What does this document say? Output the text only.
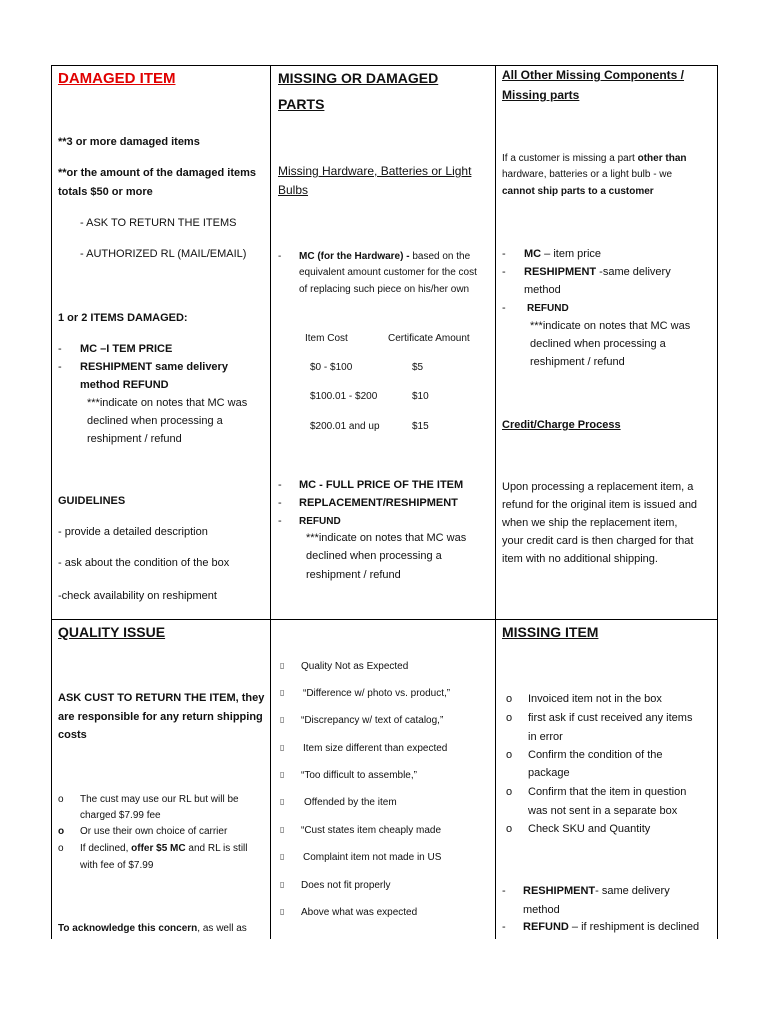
DAMAGED ITEM
**3 or more damaged items
**or the amount of the damaged items
totals $50 or more
- ASK TO RETURN THE ITEMS
- AUTHORIZED RL (MAIL/EMAIL)
1 or 2 ITEMS DAMAGED:
- MC –I TEM PRICE
- RESHIPMENT same delivery
method REFUND
***indicate on notes that MC was
declined when processing a
reshipment / refund
GUIDELINES
- provide a detailed description
- ask about the condition of the box
-check availability on reshipment
MISSING OR DAMAGED
PARTS
Missing Hardware, Batteries or Light
Bulbs
- MC (for the Hardware) - based on the
equivalent amount customer for the cost
of replacing such piece on his/her own
Item Cost	Certificate Amount
$0 - $100	$5
$100.01 - $200	$10
$200.01 and up	$15
- MC - FULL PRICE OF THE ITEM
- REPLACEMENT/RESHIPMENT
- REFUND
***indicate on notes that MC was
declined when processing a
reshipment / refund
All Other Missing Components /
Missing parts
If a customer is missing a part other than
hardware, batteries or a light bulb - we
cannot ship parts to a customer
- MC – item price
- RESHIPMENT -same delivery
method
- REFUND
***indicate on notes that MC was
declined when processing a
reshipment / refund
Credit/Charge Process
Upon processing a replacement item, a
refund for the original item is issued and
when we ship the replacement item,
your credit card is then charged for that
item with no additional shipping.
QUALITY ISSUE
ASK CUST TO RETURN THE ITEM, they
are responsible for any return shipping
costs
o The cust may use our RL but will be
charged $7.99 fee
o Or use their own choice of carrier
o If declined, offer $5 MC and RL is still
with fee of $7.99
To acknowledge this concern, as well as
▯ Quality Not as Expected
▯ “Difference w/ photo vs. product,”
▯ “Discrepancy w/ text of catalog,”
▯ Item size different than expected
▯ “Too difficult to assemble,”
▯ Offended by the item
▯ “Cust states item cheaply made
▯ Complaint item not made in US
▯ Does not fit properly
▯ Above what was expected
MISSING ITEM
o Invoiced item not in the box
o first ask if cust received any items
in error
o Confirm the condition of the
package
o Confirm that the item in question
was not sent in a separate box
o Check SKU and Quantity
- RESHIPMENT- same delivery
method
- REFUND – if reshipment is declined
